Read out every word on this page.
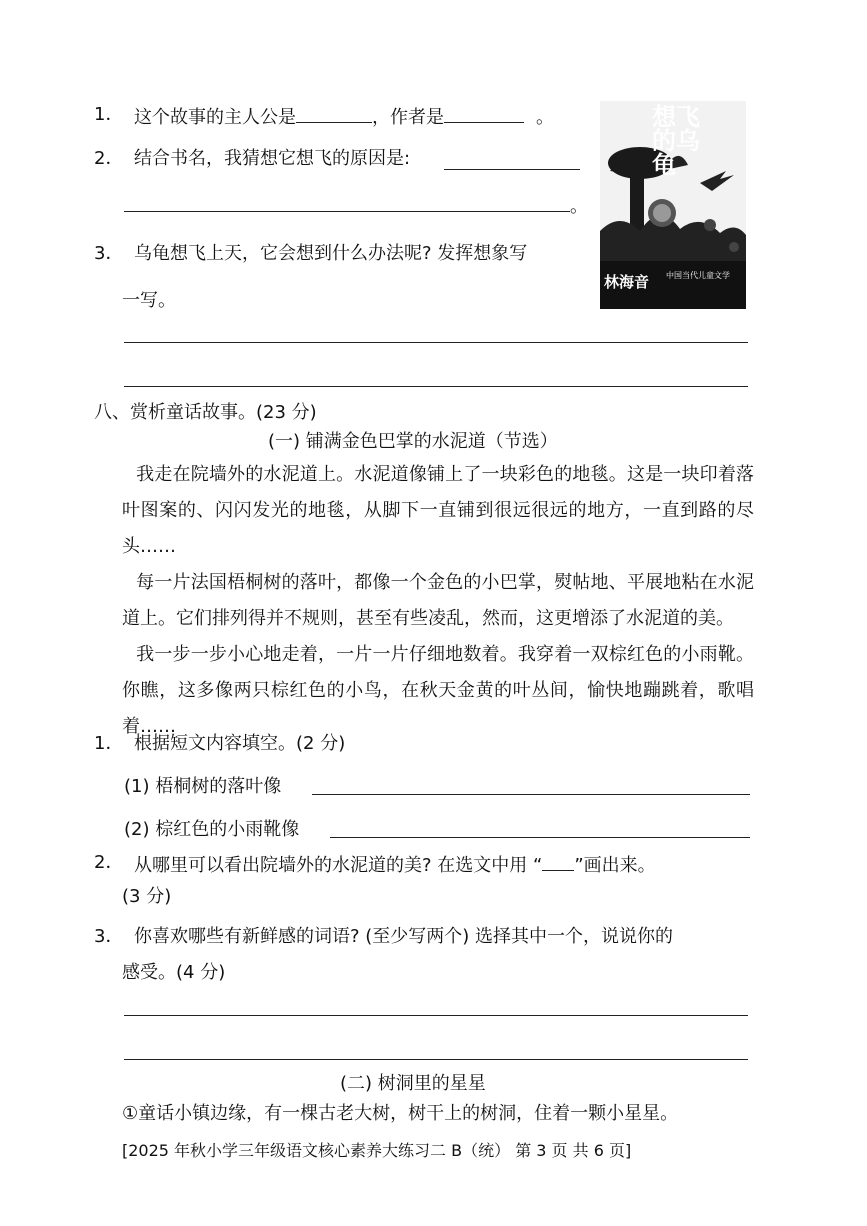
1． 这个故事的主人公是	，作者是	。
2． 结合书名，我猜想它想飞的原因是:
。
3． 乌龟想飞上天，它会想到什么办法呢? 发挥想象写
一写。
想飞的乌龟
林海音 中国当代儿童文学
八、赏析童话故事。(23 分)
(一) 铺满金色巴掌的水泥道（节选）

我走在院墙外的水泥道上。水泥道像铺上了一块彩色的地毯。这是一块印着落叶图案的、闪闪发光的地毯，从脚下一直铺到很远很远的地方，一直到路的尽头……

每一片法国梧桐树的落叶，都像一个金色的小巴掌，熨帖地、平展地粘在水泥道上。它们排列得并不规则，甚至有些凌乱，然而，这更增添了水泥道的美。

我一步一步小心地走着，一片一片仔细地数着。我穿着一双棕红色的小雨靴。你瞧，这多像两只棕红色的小鸟，在秋天金黄的叶丛间，愉快地蹦跳着，歌唱着……

1． 根据短文内容填空。(2 分)
(1) 梧桐树的落叶像
(2) 棕红色的小雨靴像
2． 从哪里可以看出院墙外的水泥道的美? 在选文中用 “ ”画出来。
(3 分)
3． 你喜欢哪些有新鲜感的词语? (至少写两个) 选择其中一个，说说你的
感受。(4 分)
(二) 树洞里的星星
①童话小镇边缘，有一棵古老大树，树干上的树洞，住着一颗小星星。
[2025 年秋小学三年级语文核心素养大练习二 B（统） 第 3 页 共 6 页]
